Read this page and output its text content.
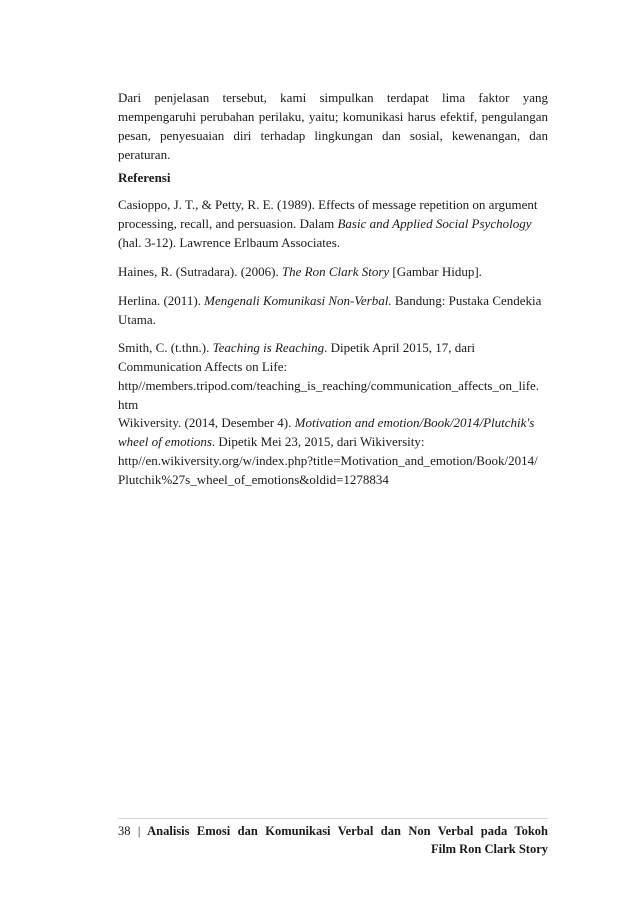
Dari penjelasan tersebut, kami simpulkan terdapat lima faktor yang
mempengaruhi perubahan perilaku, yaitu; komunikasi harus efektif, pengulangan
pesan, penyesuaian diri terhadap lingkungan dan sosial, kewenangan, dan
peraturan.
Referensi
Casioppo, J. T., & Petty, R. E. (1989). Effects of message repetition on argument
processing, recall, and persuasion. Dalam Basic and Applied Social Psychology
(hal. 3-12). Lawrence Erlbaum Associates.
Haines, R. (Sutradara). (2006). The Ron Clark Story [Gambar Hidup].
Herlina. (2011). Mengenali Komunikasi Non-Verbal. Bandung: Pustaka Cendekia
Utama.
Smith, C. (t.thn.). Teaching is Reaching. Dipetik April 2015, 17, dari
Communication Affects on Life:
http//members.tripod.com/teaching_is_reaching/communication_affects_on_life.
htm
Wikiversity. (2014, Desember 4). Motivation and emotion/Book/2014/Plutchik's
wheel of emotions. Dipetik Mei 23, 2015, dari Wikiversity:
http//en.wikiversity.org/w/index.php?title=Motivation_and_emotion/Book/2014/
Plutchik%27s_wheel_of_emotions&oldid=1278834
38 | Analisis Emosi dan Komunikasi Verbal dan Non Verbal pada Tokoh
Film Ron Clark Story
